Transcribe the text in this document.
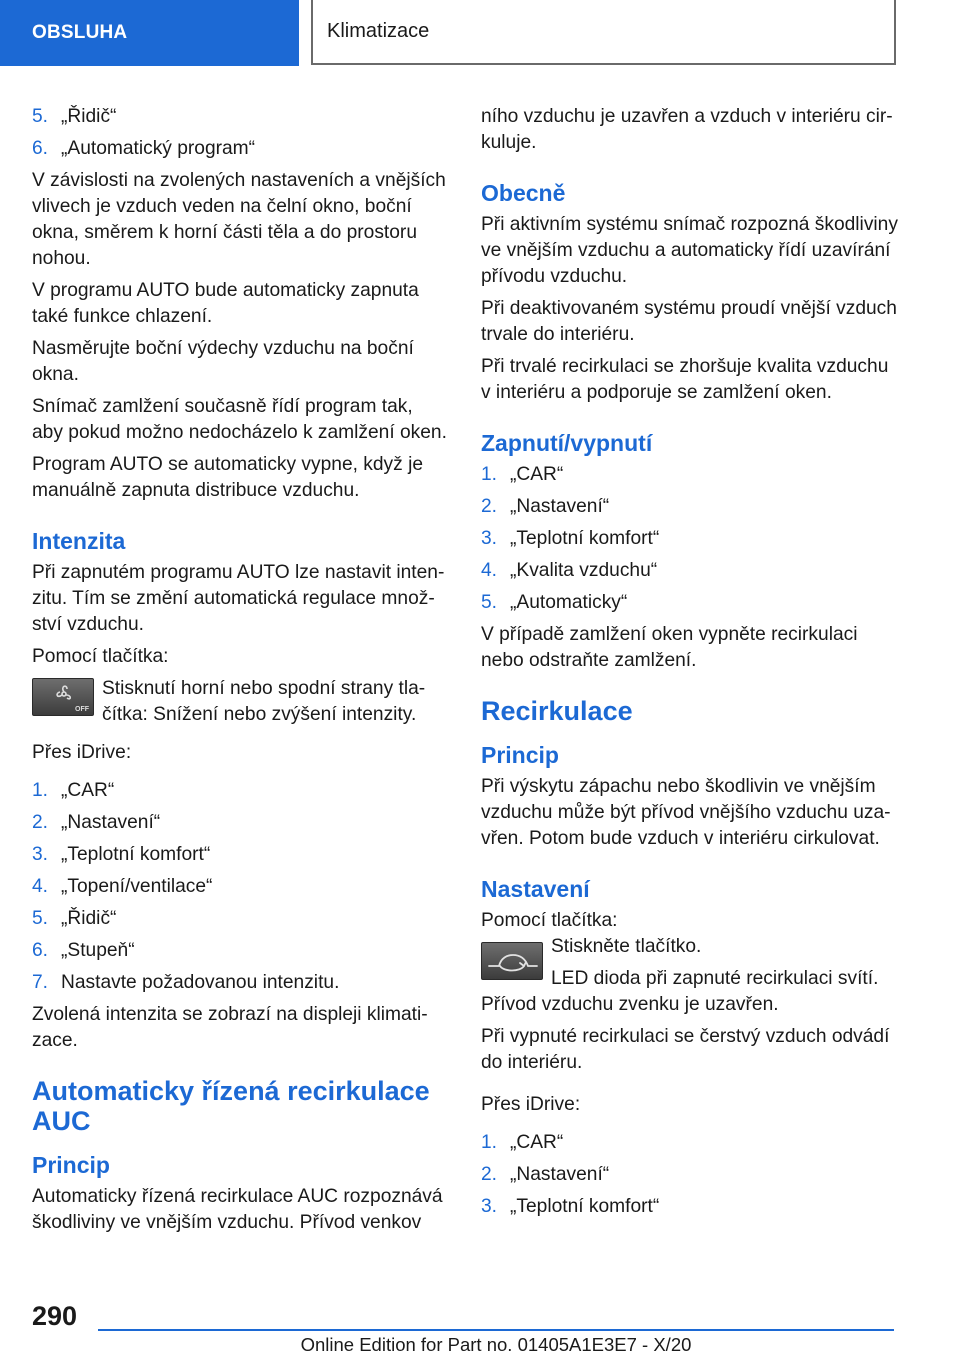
OBSLUHA	Klimatizace
5. „Řidič“
6. „Automatický program“
V závislosti na zvolených nastaveních a vnějších vlivech je vzduch veden na čelní okno, boční okna, směrem k horní části těla a do prostoru nohou.
V programu AUTO bude automaticky zapnuta také funkce chlazení.
Nasměrujte boční výdechy vzduchu na boční okna.
Snímač zamlžení současně řídí program tak, aby pokud možno nedocházelo k zamlžení oken.
Program AUTO se automaticky vypne, když je manuálně zapnuta distribuce vzduchu.
Intenzita
Při zapnutém programu AUTO lze nastavit intenzitu. Tím se změní automatická regulace množství vzduchu.
Pomocí tlačítka:
OFF
Stisknutí horní nebo spodní strany tlačítka: Snížení nebo zvýšení intenzity.
Přes iDrive:
1. „CAR“
2. „Nastavení“
3. „Teplotní komfort“
4. „Topení/ventilace“
5. „Řidič“
6. „Stupeň“
7. Nastavte požadovanou intenzitu.
Zvolená intenzita se zobrazí na displeji klimatizace.
Automaticky řízená recirkulace AUC
Princip
Automaticky řízená recirkulace AUC rozpoznává škodliviny ve vnějším vzduchu. Přívod venkov
ního vzduchu je uzavřen a vzduch v interiéru cirkuluje.
Obecně
Při aktivním systému snímač rozpozná škodliviny ve vnějším vzduchu a automaticky řídí uzavírání přívodu vzduchu.
Při deaktivovaném systému proudí vnější vzduch trvale do interiéru.
Při trvalé recirkulaci se zhoršuje kvalita vzduchu v interiéru a podporuje se zamlžení oken.
Zapnutí/vypnutí
1. „CAR“
2. „Nastavení“
3. „Teplotní komfort“
4. „Kvalita vzduchu“
5. „Automaticky“
V případě zamlžení oken vypněte recirkulaci nebo odstraňte zamlžení.
Recirkulace
Princip
Při výskytu zápachu nebo škodlivin ve vnějším vzduchu může být přívod vnějšího vzduchu uzavřen. Potom bude vzduch v interiéru cirkulovat.
Nastavení
Pomocí tlačítka:
Stiskněte tlačítko.
LED dioda při zapnuté recirkulaci svítí.
Přívod vzduchu zvenku je uzavřen.
Při vypnuté recirkulaci se čerstvý vzduch odvádí do interiéru.
Přes iDrive:
1. „CAR“
2. „Nastavení“
3. „Teplotní komfort“
290
Online Edition for Part no. 01405A1E3E7 - X/20
